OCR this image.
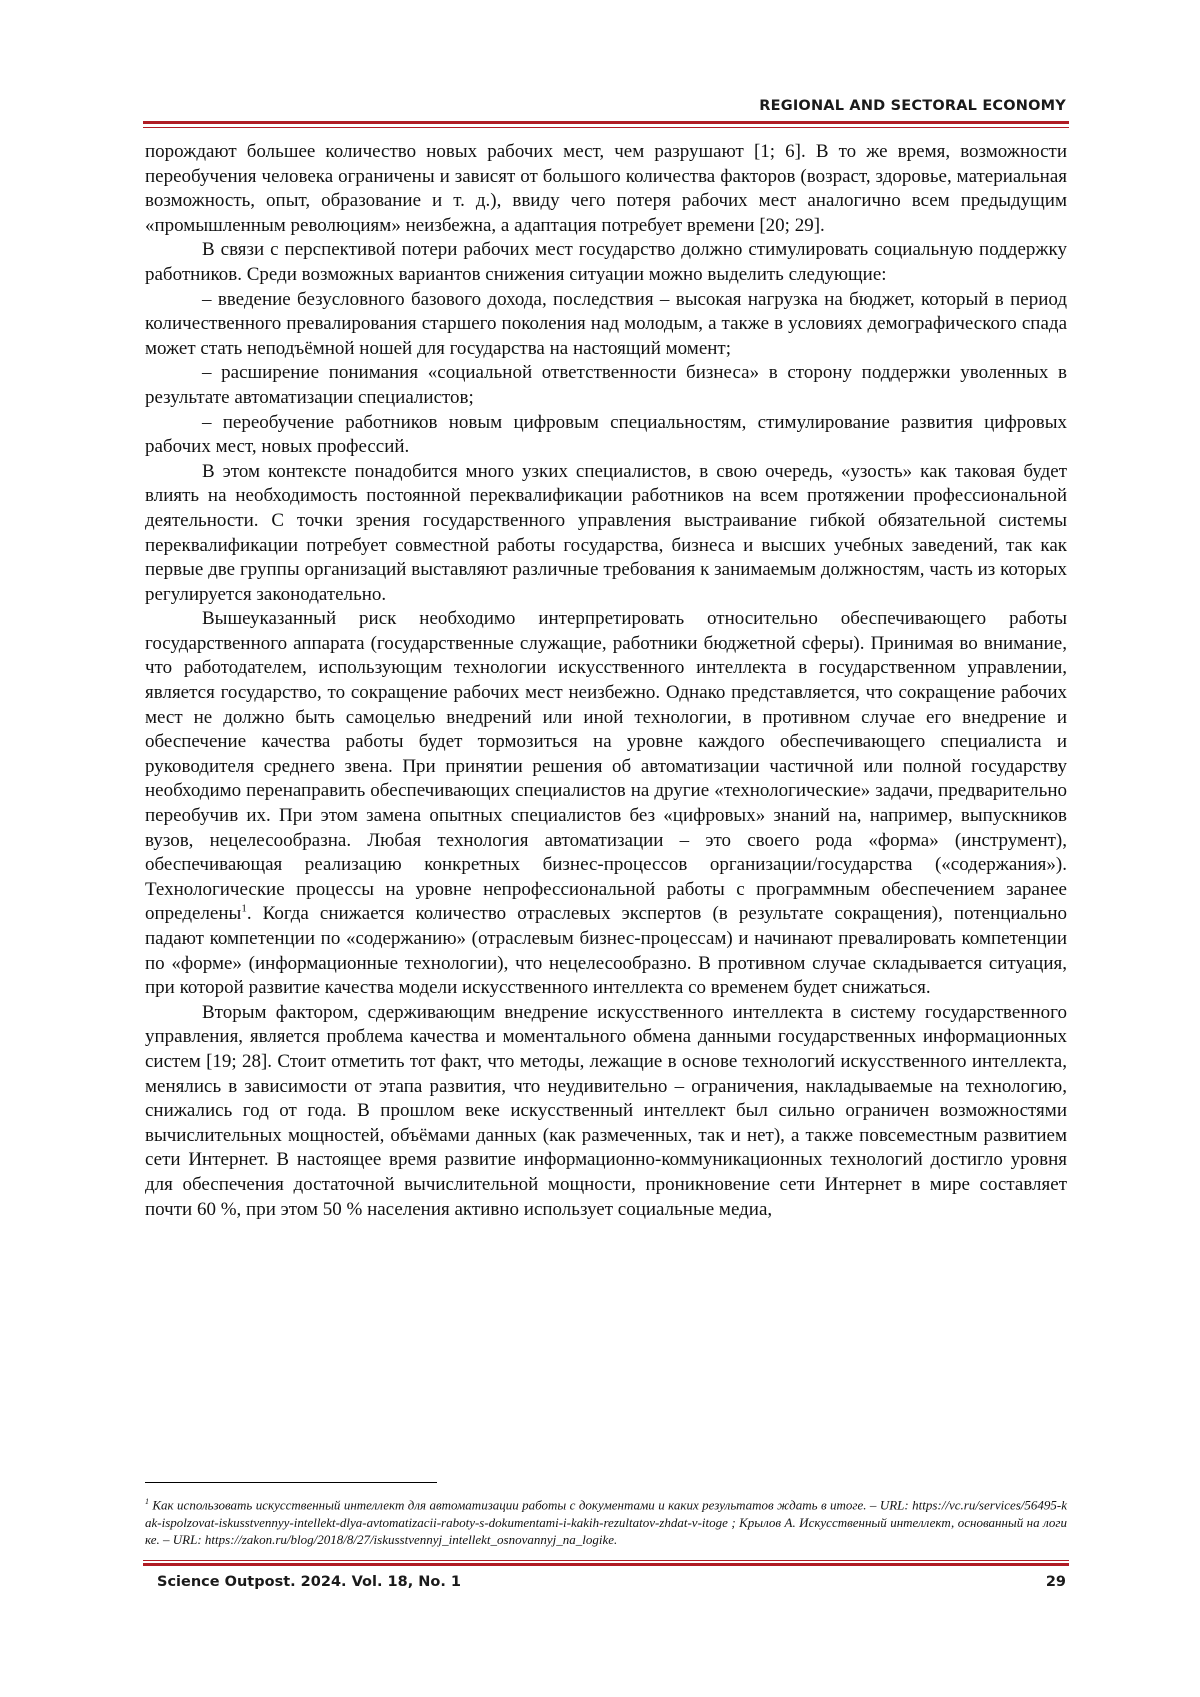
REGIONAL AND SECTORAL ECONOMY

порождают большее количество новых рабочих мест, чем разрушают [1; 6]. В то же время, возможности переобучения человека ограничены и зависят от большого количества факторов (возраст, здоровье, материальная возможность, опыт, образование и т. д.), ввиду чего потеря рабочих мест аналогично всем предыдущим «промышленным революциям» неизбежна, а адаптация потребует времени [20; 29].

В связи с перспективой потери рабочих мест государство должно стимулировать социальную поддержку работников. Среди возможных вариантов снижения ситуации можно выделить следующие:

– введение безусловного базового дохода, последствия – высокая нагрузка на бюджет, который в период количественного превалирования старшего поколения над молодым, а также в условиях демографического спада может стать неподъёмной ношей для государства на настоящий момент;

– расширение понимания «социальной ответственности бизнеса» в сторону поддержки уволенных в результате автоматизации специалистов;

– переобучение работников новым цифровым специальностям, стимулирование развития цифровых рабочих мест, новых профессий.

В этом контексте понадобится много узких специалистов, в свою очередь, «узость» как таковая будет влиять на необходимость постоянной переквалификации работников на всем протяжении профессиональной деятельности. С точки зрения государственного управления выстраивание гибкой обязательной системы переквалификации потребует совместной работы государства, бизнеса и высших учебных заведений, так как первые две группы организаций выставляют различные требования к занимаемым должностям, часть из которых регулируется законодательно.

Вышеуказанный риск необходимо интерпретировать относительно обеспечивающего работы государственного аппарата (государственные служащие, работники бюджетной сферы). Принимая во внимание, что работодателем, использующим технологии искусственного интеллекта в государственном управлении, является государство, то сокращение рабочих мест неизбежно. Однако представляется, что сокращение рабочих мест не должно быть самоцелью внедрений или иной технологии, в противном случае его внедрение и обеспечение качества работы будет тормозиться на уровне каждого обеспечивающего специалиста и руководителя среднего звена. При принятии решения об автоматизации частичной или полной государству необходимо перенаправить обеспечивающих специалистов на другие «технологические» задачи, предварительно переобучив их. При этом замена опытных специалистов без «цифровых» знаний на, например, выпускников вузов, нецелесообразна. Любая технология автоматизации – это своего рода «форма» (инструмент), обеспечивающая реализацию конкретных бизнес-процессов организации/государства («содержания»). Технологические процессы на уровне непрофессиональной работы с программным обеспечением заранее определены$^1$. Когда снижается количество отраслевых экспертов (в результате сокращения), потенциально падают компетенции по «содержанию» (отраслевым бизнес-процессам) и начинают превалировать компетенции по «форме» (информационные технологии), что нецелесообразно. В противном случае складывается ситуация, при которой развитие качества модели искусственного интеллекта со временем будет снижаться.

Вторым фактором, сдерживающим внедрение искусственного интеллекта в систему государственного управления, является проблема качества и моментального обмена данными государственных информационных систем [19; 28]. Стоит отметить тот факт, что методы, лежащие в основе технологий искусственного интеллекта, менялись в зависимости от этапа развития, что неудивительно – ограничения, накладываемые на технологию, снижались год от года. В прошлом веке искусственный интеллект был сильно ограничен возможностями вычислительных мощностей, объёмами данных (как размеченных, так и нет), а также повсеместным развитием сети Интернет. В настоящее время развитие информационно-коммуникационных технологий достигло уровня для обеспечения достаточной вычислительной мощности, проникновение сети Интернет в мире составляет почти 60 %, при этом 50 % населения активно использует социальные медиа,

$^1$ Как использовать искусственный интеллект для автоматизации работы с документами и каких результатов ждать в итоге. – URL: https://vc.ru/services/56495-kak-ispolzovat-iskusstvennyy-intellekt-dlya-avtomatizacii-raboty-s-dokumentami-i-kakih-rezultatov-zhdat-v-itoge ; Крылов А. Искусственный интеллект, основанный на логике. – URL: https://zakon.ru/blog/2018/8/27/iskusstvennyj_intellekt_osnovannyj_na_logike.
Science Outpost. 2024. Vol. 18, No. 1	29
